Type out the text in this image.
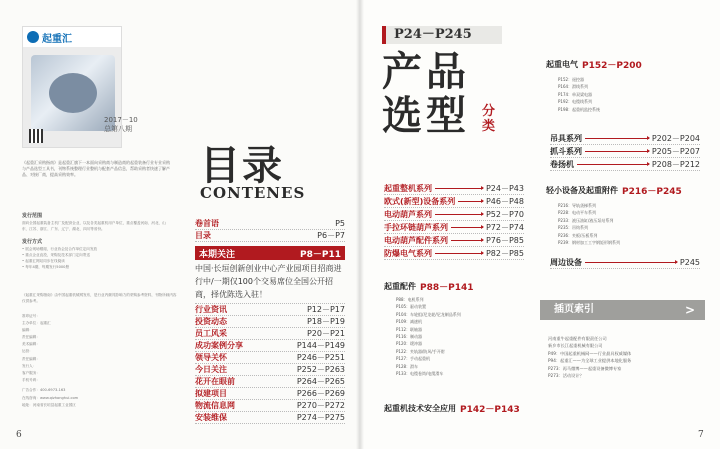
起重汇
2017－10
总第八期
《起重汇采购指南》是起重汇旗下一本面向采购商与制造商的起重装备行业专业采购与产品选型工具书，刊物系统整理行业整机与配套产品信息，帮助采购者快速了解产品、对接厂商，提高采购效率。
发行范围
面向全国起重装备主机厂及配套企业，以及各类起重机用户单位，重点覆盖河南、河北、山东、江苏、浙江、广东、辽宁、湖北、四川等省份。
发行方式
• 展会现场赠阅，行业协会及合作单位定向发放
• 重点企业直投，采购及技术部门定向寄送
• 起重汇网站同步在线阅读
• 每年4期，每期发行5000册
《起重汇采购指南》由中国起重机械网发布，是行业内颇具影响力的采购参考资料，刊物所载内容仅供参考。
准印证号：
主办单位：起重汇
编辑：
责任编辑：
美术编辑：
运营：
责任编辑：
发行人：
客户服务：
手机号码：
广告合作：400-6973-163
在线咨询：www.qizhonghui.com
地址：河南省长垣县起重工业园区
目录
CONTENES
卷首语	P5
目录	P6－P7
本期关注	P8－P11
中国·长垣创新创业中心产业园项目招商进行中/一期仅100个交易席位全国公开招商，择优陈选入驻！
行业资讯	P12－P17
投资动态	P18－P19
员工风采	P20－P21
成功案例分享	P144－P149
领导关怀	P246－P251
今日关注	P252－P263
花开在眼前	P264－P265
拟建项目	P266－P269
物流信息网	P270－P272
安装维保	P274－P275
6
P24－P245
产品
选型 分类
起重整机系列	P24－P43
欧式(新型)设备系列	P46－P48
电动葫芦系列	P52－P70
手拉环链葫芦系列	P72－P74
电动葫芦配件系列	P76－P85
防爆电气系列	P82－P85
起重配件 P88－P141
P88：电机系列
P105：驱动装置
P104：车轮组/尼龙轮/尼龙制品系列
P109：减速机
P112：联轴器
P116：制动器
P120：缓冲器
P122：夹轨器/防风/手开钳
P127：手动起重机
P128：滑车
P133：电缆卷筒/电缆滑车
起重机技术安全应用 P142－P143
起重电气 P152－P200
P152：遥控器
P164：滑线系列
P174：单双梁电器
P192：电缆线系列
P198：起重机监控系统
吊具系列	P202－P204
抓斗系列	P205－P207
卷扬机	P208－P212
轻小设备及起重附件 P216－P245
P216：导轨货梯系列
P228：电动平车系列
P233：液压油缸/液压泵站系列
P235：吊钩系列
P236：夹板/压板系列
P239：钢材加工工字钢矩形钢系列
周边设备	P245
插页索引	>
河南重牛起重配件有限责任公司
新乡市长江起重机械有限公司
P49：中国起重机械网——行业最具权威媒体
P94：起重汇——为全球工业提供本地化服务
P273：再马微博——起重设备微博专家
P273：活动设计？
7
